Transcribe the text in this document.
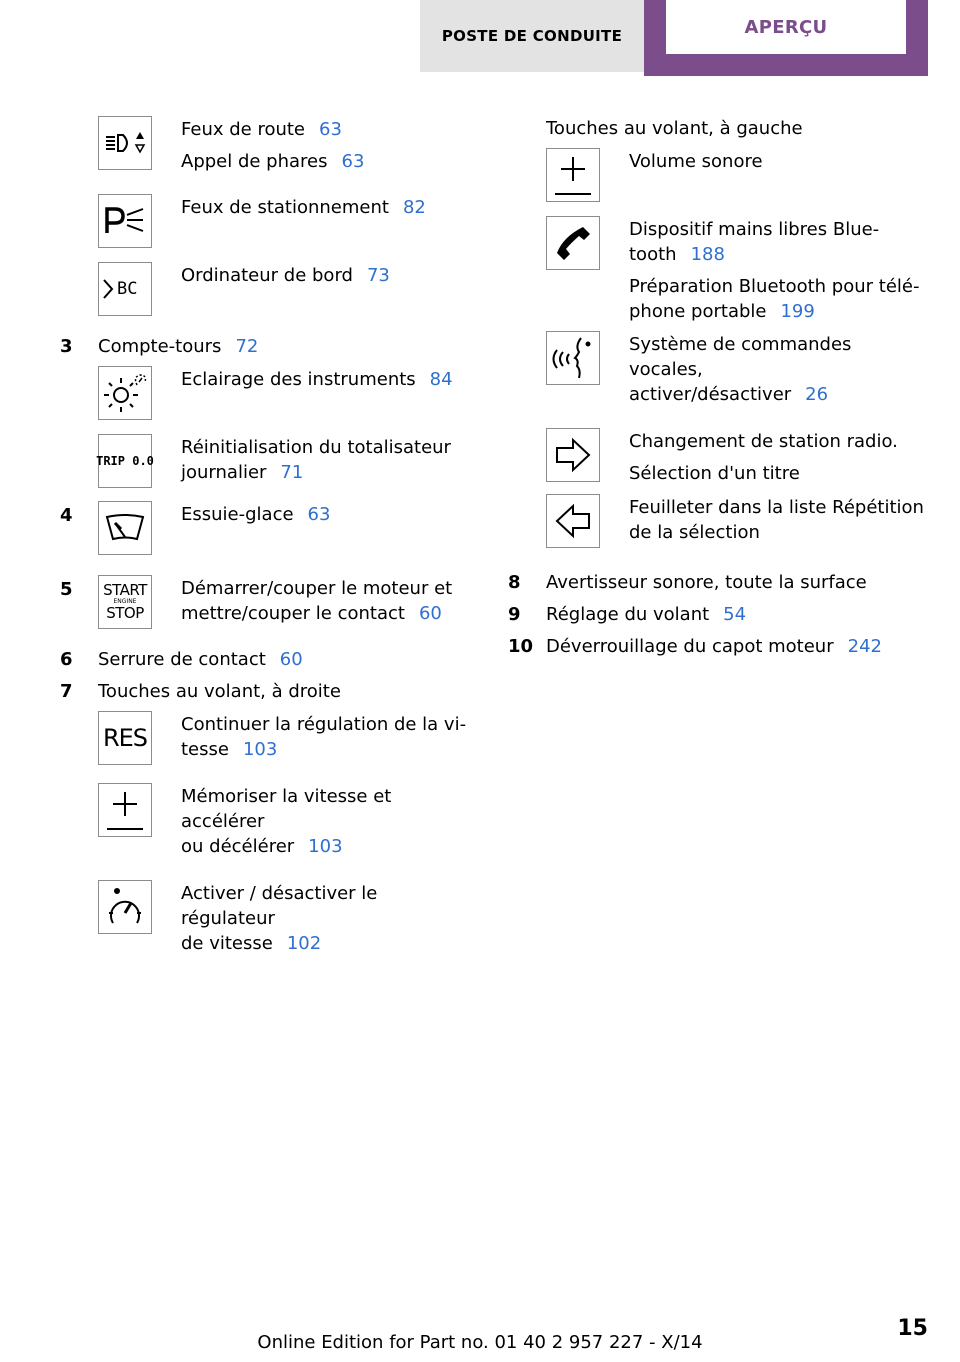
POSTE DE CONDUITE	APERÇU

Feux de route 63

Appel de phares 63

Feux de stationnement 82

BC

Ordinateur de bord 73

3	Compte-tours 72

Eclairage des instruments 84

TRIP 0.0

Réinitialisation du totalisateur
journalier 71

4	Essuie-glace 63

5	START
ENGINE
STOP

Démarrer/couper le moteur et
mettre/couper le contact 60

6	Serrure de contact 60
7	Touches au volant, à droite
RES Continuer la régulation de la vi‐
tesse 103

Mémoriser la vitesse et accélérer
ou décélérer 103

Activer / désactiver le régulateur
de vitesse 102

Touches au volant, à gauche

Volume sonore

Dispositif mains libres Blue‐
tooth 188

Préparation Bluetooth pour télé‐
phone portable 199

Système de commandes vocales,
activer/désactiver 26

Changement de station radio.

Sélection d'un titre

Feuilleter dans la liste Répétition
de la sélection

8	Avertisseur sonore, toute la surface
9	Réglage du volant 54
10 Déverrouillage du capot moteur 242
Online Edition for Part no. 01 40 2 957 227 - X/14
15
